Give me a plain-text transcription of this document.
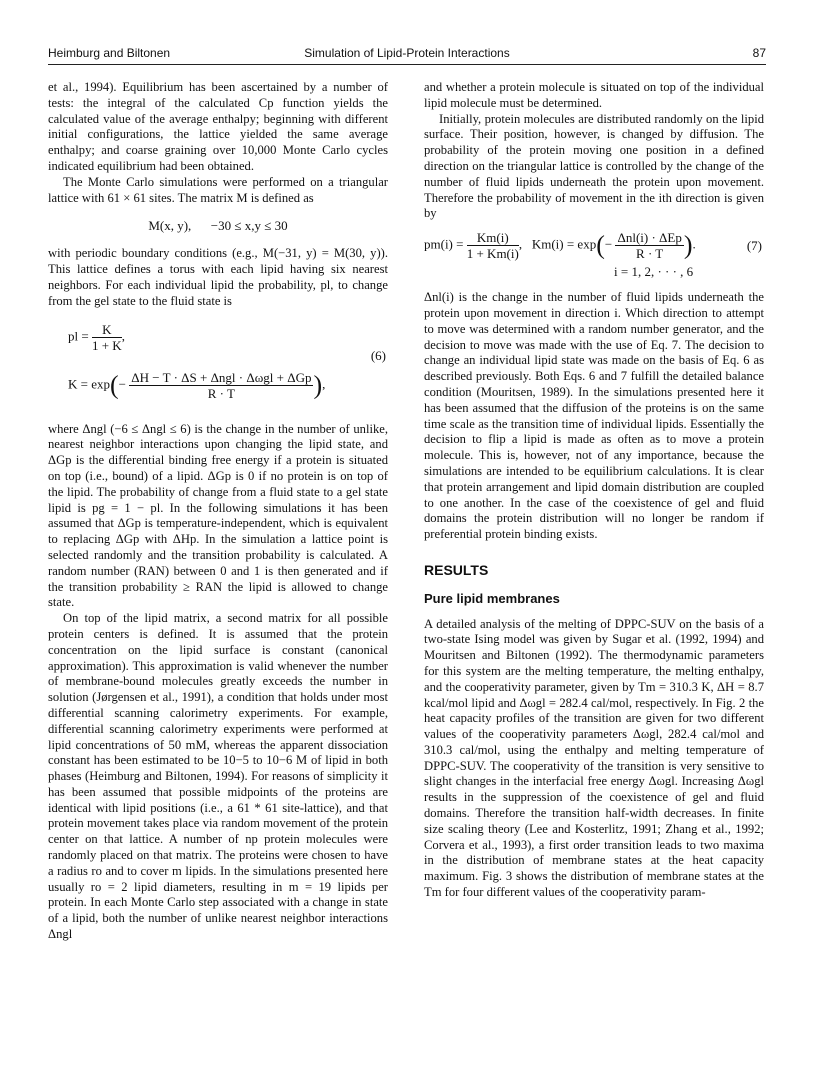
Heimburg and Biltonen	Simulation of Lipid-Protein Interactions	87

et al., 1994). Equilibrium has been ascertained by a number of tests: the integral of the calculated Cp function yields the calculated value of the average enthalpy; beginning with different initial configurations, the lattice yielded the same average enthalpy; and coarse graining over 10,000 Monte Carlo cycles indicated equilibrium had been obtained.

The Monte Carlo simulations were performed on a triangular lattice with 61 × 61 sites. The matrix M is defined as

M(x, y),      −30 ≤ x,y ≤ 30

with periodic boundary conditions (e.g., M(−31, y) = M(30, y)). This lattice defines a torus with each lipid having six nearest neighbors. For each individual lipid the probability, pl, to change from the gel state to the fluid state is

pl = $\frac{K}{1 + K}$ ,
(6)
$K = \exp(- \frac{\text{ΔH − T · ΔS + Δngl · Δωgl + ΔGp}}{R \cdot T}$ ),

where Δngl (−6 ≤ Δngl ≤ 6) is the change in the number of unlike, nearest neighbor interactions upon changing the lipid state, and ΔGp is the differential binding free energy if a protein is situated on top (i.e., bound) of a lipid. ΔGp is 0 if no protein is on top of the lipid. The probability of change from a fluid state to a gel state lipid is pg = 1 − pl. In the following simulations it has been assumed that ΔGp is temperature-independent, which is equivalent to replacing ΔGp with ΔHp. In the simulation a lattice point is selected randomly and the transition probability is calculated. A random number (RAN) between 0 and 1 is then generated and if the transition probability ≥ RAN the lipid is allowed to change state.

On top of the lipid matrix, a second matrix for all possible protein centers is defined. It is assumed that the protein concentration on the lipid surface is constant (canonical approximation). This approximation is valid whenever the number of membrane-bound molecules greatly exceeds the number in solution (Jørgensen et al., 1991), a condition that holds under most differential scanning calorimetry experiments. For example, differential scanning calorimetry experiments were performed at lipid concentrations of 50 mM, whereas the apparent dissociation constant has been estimated to be 10−5 to 10−6 M of lipid in both phases (Heimburg and Biltonen, 1994). For reasons of simplicity it has been assumed that possible midpoints of the proteins are identical with lipid positions (i.e., a 61 * 61 site-lattice), and that protein movement takes place via random movement of the protein center on that lattice. A number of np protein molecules were randomly placed on that matrix. The proteins were chosen to have a radius ro and to cover m lipids. In the simulations presented here usually ro = 2 lipid diameters, resulting in m = 19 lipids per protein. In each Monte Carlo step associated with a change in state of a lipid, both the number of unlike nearest neighbor interactions Δngl

and whether a protein molecule is situated on top of the individual lipid molecule must be determined.

Initially, protein molecules are distributed randomly on the lipid surface. Their position, however, is changed by diffusion. The probability of the protein moving one position in a defined direction on the triangular lattice is controlled by the change of the number of fluid lipids underneath the protein upon movement. Therefore the probability of movement in the ith direction is given by

$pm(i) = \frac{Km(i)}{1 + Km(i)}$ ,   $Km(i) = \exp(- \frac{\text{Δnl(i) · ΔEp}}{R \cdot T}$ ).	(7)
i = 1, 2, · · · , 6

Δnl(i) is the change in the number of fluid lipids underneath the protein upon movement in direction i. Which direction to attempt to move was determined with a random number generator, and the decision to move was made with the use of Eq. 7. The decision to change an individual lipid state was made on the basis of Eq. 6 as described previously. Both Eqs. 6 and 7 fulfill the detailed balance condition (Mouritsen, 1989). In the simulations presented here it has been assumed that the diffusion of the proteins is on the same time scale as the transition time of individual lipids. Essentially the decision to flip a lipid is made as often as to move a protein molecule. This is, however, not of any importance, because the simulations are intended to be equilibrium calculations. It is clear that protein arrangement and lipid domain distribution are coupled to one another. In the case of the coexistence of gel and fluid domains the protein distribution will no longer be random if preferential protein binding exists.

RESULTS
Pure lipid membranes

A detailed analysis of the melting of DPPC-SUV on the basis of a two-state Ising model was given by Sugar et al. (1992, 1994) and Mouritsen and Biltonen (1992). The thermodynamic parameters for this system are the melting temperature, the melting enthalpy, and the cooperativity parameter, given by Tm = 310.3 K, ΔH = 8.7 kcal/mol lipid and Δωgl = 282.4 cal/mol, respectively. In Fig. 2 the heat capacity profiles of the transition are given for two different values of the cooperativity parameters Δωgl, 282.4 cal/mol and 310.3 cal/mol, using the enthalpy and melting temperature of DPPC-SUV. The cooperativity of the transition is very sensitive to slight changes in the interfacial free energy Δωgl. Increasing Δωgl results in the suppression of the coexistence of gel and fluid domains. Therefore the transition half-width decreases. In finite size scaling theory (Lee and Kosterlitz, 1991; Zhang et al., 1992; Corvera et al., 1993), a first order transition leads to two maxima in the distribution of membrane states at the heat capacity maximum. Fig. 3 shows the distribution of membrane states at the Tm for four different values of the cooperativity param-
